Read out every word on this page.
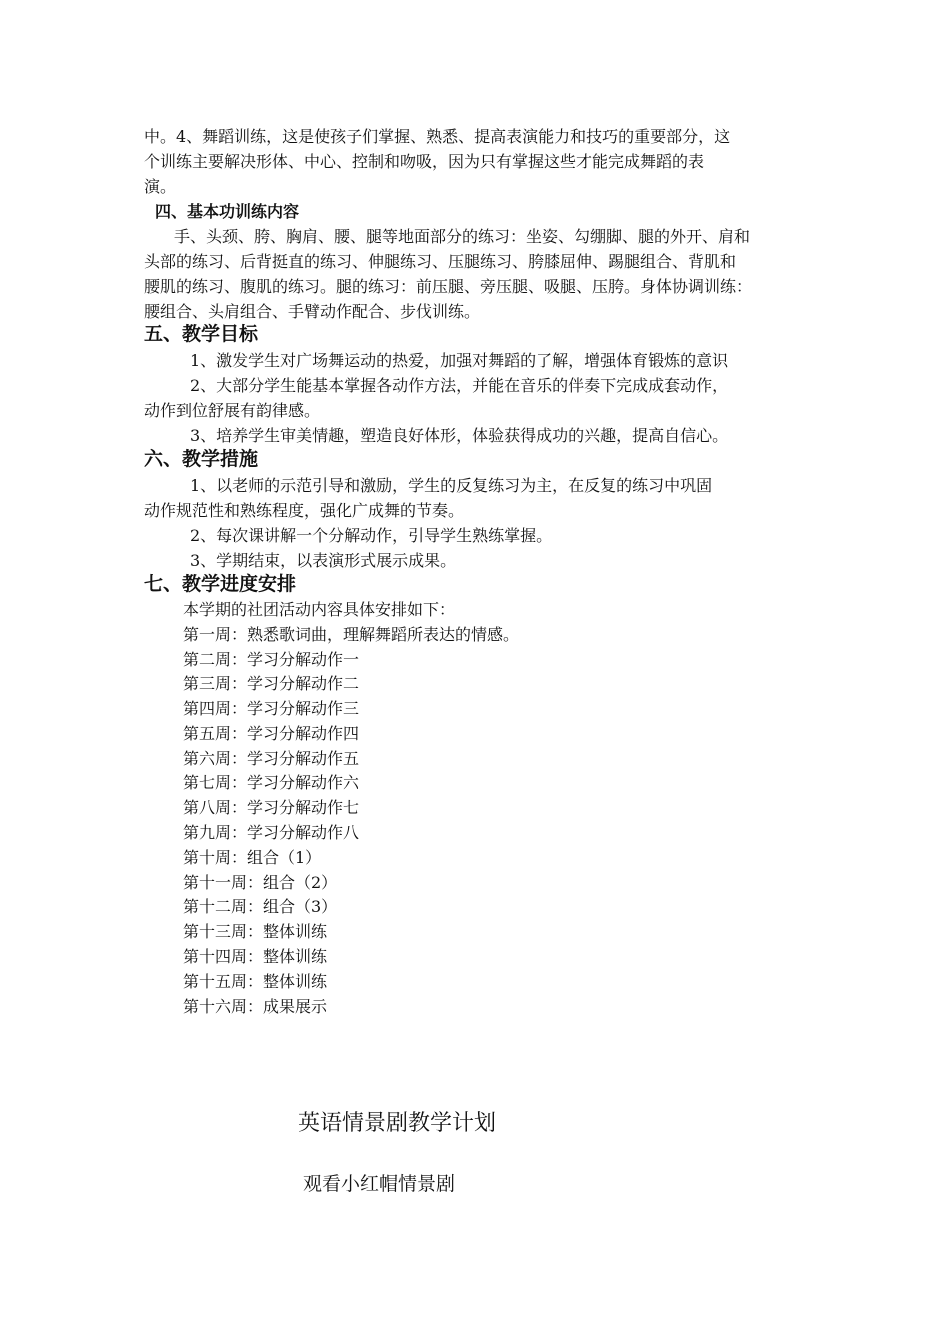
中。4、舞蹈训练，这是使孩子们掌握、熟悉、提高表演能力和技巧的重要部分，这
个训练主要解决形体、中心、控制和吻吸，因为只有掌握这些才能完成舞蹈的表
演。
四、基本功训练内容
手、头颈、胯、胸肩、腰、腿等地面部分的练习：坐姿、勾绷脚、腿的外开、肩和
头部的练习、后背挺直的练习、伸腿练习、压腿练习、胯膝屈伸、踢腿组合、背肌和
腰肌的练习、腹肌的练习。腿的练习：前压腿、旁压腿、吸腿、压胯。身体协调训练：
腰组合、头肩组合、手臂动作配合、步伐训练。
五、教学目标
1、激发学生对广场舞运动的热爱，加强对舞蹈的了解，增强体育锻炼的意识
2、大部分学生能基本掌握各动作方法，并能在音乐的伴奏下完成成套动作，
动作到位舒展有韵律感。
3、培养学生审美情趣，塑造良好体形，体验获得成功的兴趣，提高自信心。
六、教学措施
1、以老师的示范引导和激励，学生的反复练习为主，在反复的练习中巩固
动作规范性和熟练程度，强化广成舞的节奏。
2、每次课讲解一个分解动作，引导学生熟练掌握。
3、学期结束，以表演形式展示成果。
七、教学进度安排
本学期的社团活动内容具体安排如下：
第一周：熟悉歌词曲，理解舞蹈所表达的情感。
第二周：学习分解动作一
第三周：学习分解动作二
第四周：学习分解动作三
第五周：学习分解动作四
第六周：学习分解动作五
第七周：学习分解动作六
第八周：学习分解动作七
第九周：学习分解动作八
第十周：组合（1）
第十一周：组合（2）
第十二周：组合（3）
第十三周：整体训练
第十四周：整体训练
第十五周：整体训练
第十六周：成果展示
英语情景剧教学计划
观看小红帽情景剧
